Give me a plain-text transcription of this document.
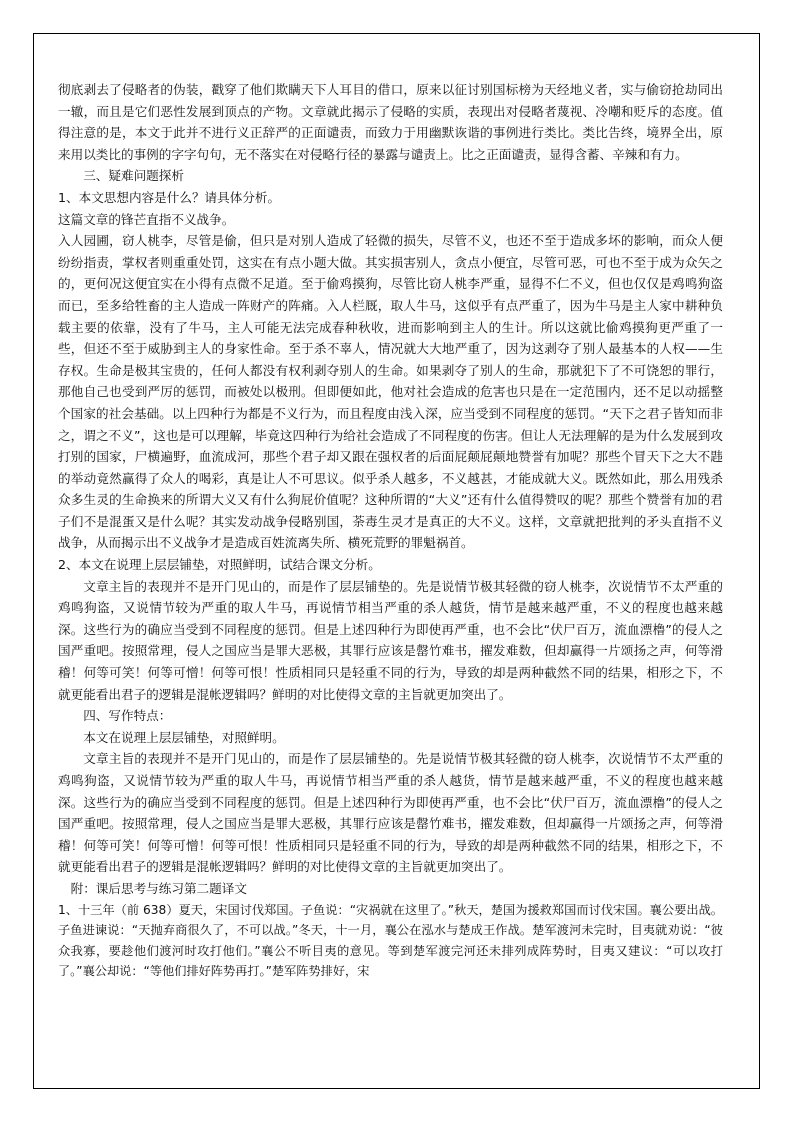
彻底剥去了侵略者的伪装，戳穿了他们欺瞒天下人耳目的借口，原来以征讨别国标榜为天经地义者，实与偷窃抢劫同出一辙，而且是它们恶性发展到顶点的产物。文章就此揭示了侵略的实质，表现出对侵略者蔑视、冷嘲和贬斥的态度。值得注意的是，本文于此并不进行义正辞严的正面谴责，而致力于用幽默诙谐的事例进行类比。类比告终，境界全出，原来用以类比的事例的字字句句，无不落实在对侵略行径的暴露与谴责上。比之正面谴责，显得含蓄、辛辣和有力。

三、疑难问题探析

1、本文思想内容是什么？请具体分析。

这篇文章的锋芒直指不义战争。

入人园圃，窃人桃李，尽管是偷，但只是对别人造成了轻微的损失，尽管不义，也还不至于造成多坏的影响，而众人便纷纷指责，掌权者则重重处罚，这实在有点小题大做。其实损害别人，贪点小便宜，尽管可恶，可也不至于成为众矢之的，更何况这便宜实在小得有点微不足道。至于偷鸡摸狗，尽管比窃人桃李严重，显得不仁不义，但也仅仅是鸡鸣狗盗而已，至多给牲畜的主人造成一阵财产的阵痛。入人栏厩，取人牛马，这似乎有点严重了，因为牛马是主人家中耕种负载主要的依靠，没有了牛马，主人可能无法完成春种秋收，进而影响到主人的生计。所以这就比偷鸡摸狗更严重了一些，但还不至于威胁到主人的身家性命。至于杀不辜人，情况就大大地严重了，因为这剥夺了别人最基本的人权——生存权。生命是极其宝贵的，任何人都没有权利剥夺别人的生命。如果剥夺了别人的生命，那就犯下了不可饶恕的罪行，那他自己也受到严厉的惩罚，而被处以极刑。但即便如此，他对社会造成的危害也只是在一定范围内，还不足以动摇整个国家的社会基础。以上四种行为都是不义行为，而且程度由浅入深，应当受到不同程度的惩罚。“天下之君子皆知而非之，谓之不义”，这也是可以理解，毕竟这四种行为给社会造成了不同程度的伤害。但让人无法理解的是为什么发展到攻打别的国家，尸横遍野，血流成河，那些个君子却又跟在强权者的后面屁颠屁颠地赞誉有加呢？那些个冒天下之大不韪的举动竟然赢得了众人的喝彩，真是让人不可思议。似乎杀人越多，不义越甚，才能成就大义。既然如此，那么用残杀众多生灵的生命换来的所谓大义又有什么狗屁价值呢？这种所谓的“大义”还有什么值得赞叹的呢？那些个赞誉有加的君子们不是混蛋又是什么呢？其实发动战争侵略别国，荼毒生灵才是真正的大不义。这样，文章就把批判的矛头直指不义战争，从而揭示出不义战争才是造成百姓流离失所、横死荒野的罪魁祸首。

2、本文在说理上层层铺垫，对照鲜明，试结合课文分析。

文章主旨的表现并不是开门见山的，而是作了层层铺垫的。先是说情节极其轻微的窃人桃李，次说情节不太严重的鸡鸣狗盗，又说情节较为严重的取人牛马，再说情节相当严重的杀人越货，情节是越来越严重，不义的程度也越来越深。这些行为的确应当受到不同程度的惩罚。但是上述四种行为即使再严重，也不会比“伏尸百万，流血漂橹”的侵人之国严重吧。按照常理，侵人之国应当是罪大恶极，其罪行应该是罄竹难书，擢发难数，但却赢得一片颂扬之声，何等滑稽！何等可笑！何等可憎！何等可恨！性质相同只是轻重不同的行为，导致的却是两种截然不同的结果，相形之下，不就更能看出君子的逻辑是混帐逻辑吗？鲜明的对比使得文章的主旨就更加突出了。

四、写作特点：

本文在说理上层层铺垫，对照鲜明。

文章主旨的表现并不是开门见山的，而是作了层层铺垫的。先是说情节极其轻微的窃人桃李，次说情节不太严重的鸡鸣狗盗，又说情节较为严重的取人牛马，再说情节相当严重的杀人越货，情节是越来越严重，不义的程度也越来越深。这些行为的确应当受到不同程度的惩罚。但是上述四种行为即使再严重，也不会比“伏尸百万，流血漂橹”的侵人之国严重吧。按照常理，侵人之国应当是罪大恶极，其罪行应该是罄竹难书，擢发难数，但却赢得一片颂扬之声，何等滑稽！何等可笑！何等可憎！何等可恨！性质相同只是轻重不同的行为，导致的却是两种截然不同的结果，相形之下，不就更能看出君子的逻辑是混帐逻辑吗？鲜明的对比使得文章的主旨就更加突出了。

附：课后思考与练习第二题译文

1、十三年（前 638）夏天，宋国讨伐郑国。子鱼说：“灾祸就在这里了。”秋天，楚国为援救郑国而讨伐宋国。襄公要出战。子鱼进谏说：“天抛弃商很久了，不可以战。”冬天，十一月，襄公在泓水与楚成王作战。楚军渡河未完时，目夷就劝说：“彼众我寡，要趁他们渡河时攻打他们。”襄公不听目夷的意见。等到楚军渡完河还未排列成阵势时，目夷又建议：“可以攻打了。”襄公却说：“等他们排好阵势再打。”楚军阵势排好，宋
